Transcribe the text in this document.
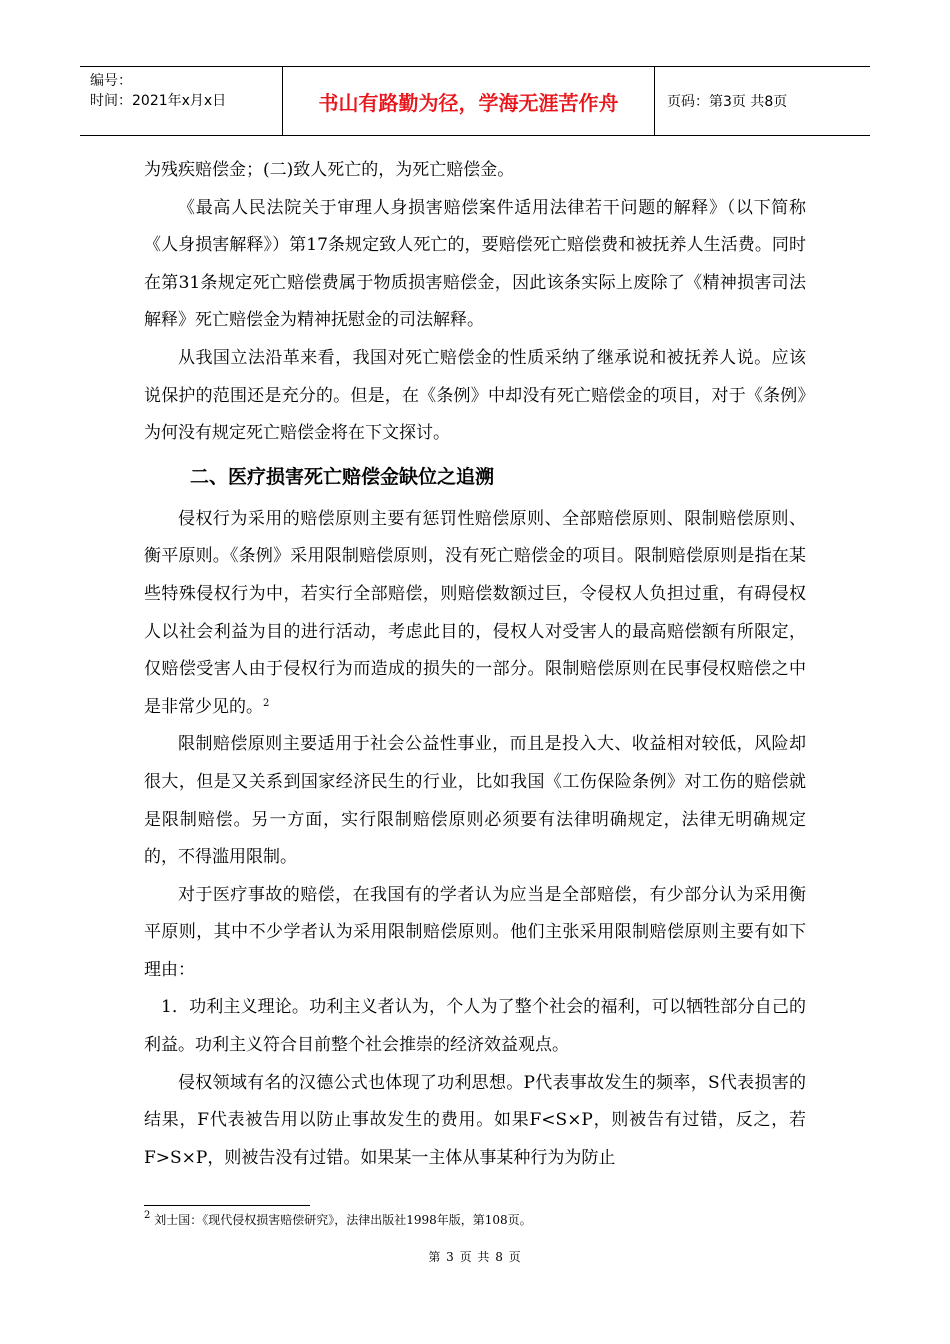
编号：
时间：2021年x月x日	书山有路勤为径，学海无涯苦作舟	页码：第3页 共8页

为残疾赔偿金；(二)致人死亡的，为死亡赔偿金。

《最高人民法院关于审理人身损害赔偿案件适用法律若干问题的解释》（以下简称《人身损害解释》）第17条规定致人死亡的，要赔偿死亡赔偿费和被抚养人生活费。同时在第31条规定死亡赔偿费属于物质损害赔偿金，因此该条实际上废除了《精神损害司法解释》死亡赔偿金为精神抚慰金的司法解释。

从我国立法沿革来看，我国对死亡赔偿金的性质采纳了继承说和被抚养人说。应该说保护的范围还是充分的。但是，在《条例》中却没有死亡赔偿金的项目，对于《条例》为何没有规定死亡赔偿金将在下文探讨。

二、医疗损害死亡赔偿金缺位之追溯

侵权行为采用的赔偿原则主要有惩罚性赔偿原则、全部赔偿原则、限制赔偿原则、衡平原则。《条例》采用限制赔偿原则，没有死亡赔偿金的项目。限制赔偿原则是指在某些特殊侵权行为中，若实行全部赔偿，则赔偿数额过巨，令侵权人负担过重，有碍侵权人以社会利益为目的进行活动，考虑此目的，侵权人对受害人的最高赔偿额有所限定，仅赔偿受害人由于侵权行为而造成的损失的一部分。限制赔偿原则在民事侵权赔偿之中是非常少见的。$^2$

限制赔偿原则主要适用于社会公益性事业，而且是投入大、收益相对较低，风险却很大，但是又关系到国家经济民生的行业，比如我国《工伤保险条例》对工伤的赔偿就是限制赔偿。另一方面，实行限制赔偿原则必须要有法律明确规定，法律无明确规定的，不得滥用限制。

对于医疗事故的赔偿，在我国有的学者认为应当是全部赔偿，有少部分认为采用衡平原则，其中不少学者认为采用限制赔偿原则。他们主张采用限制赔偿原则主要有如下理由：

1．功利主义理论。功利主义者认为，个人为了整个社会的福利，可以牺牲部分自己的利益。功利主义符合目前整个社会推崇的经济效益观点。

侵权领域有名的汉德公式也体现了功利思想。P代表事故发生的频率，S代表损害的结果，F代表被告用以防止事故发生的费用。如果F<S×P，则被告有过错，反之，若F>S×P，则被告没有过错。如果某一主体从事某种行为为防止

$^2$ 刘士国：《现代侵权损害赔偿研究》，法律出版社1998年版，第108页。
第 3 页 共 8 页
